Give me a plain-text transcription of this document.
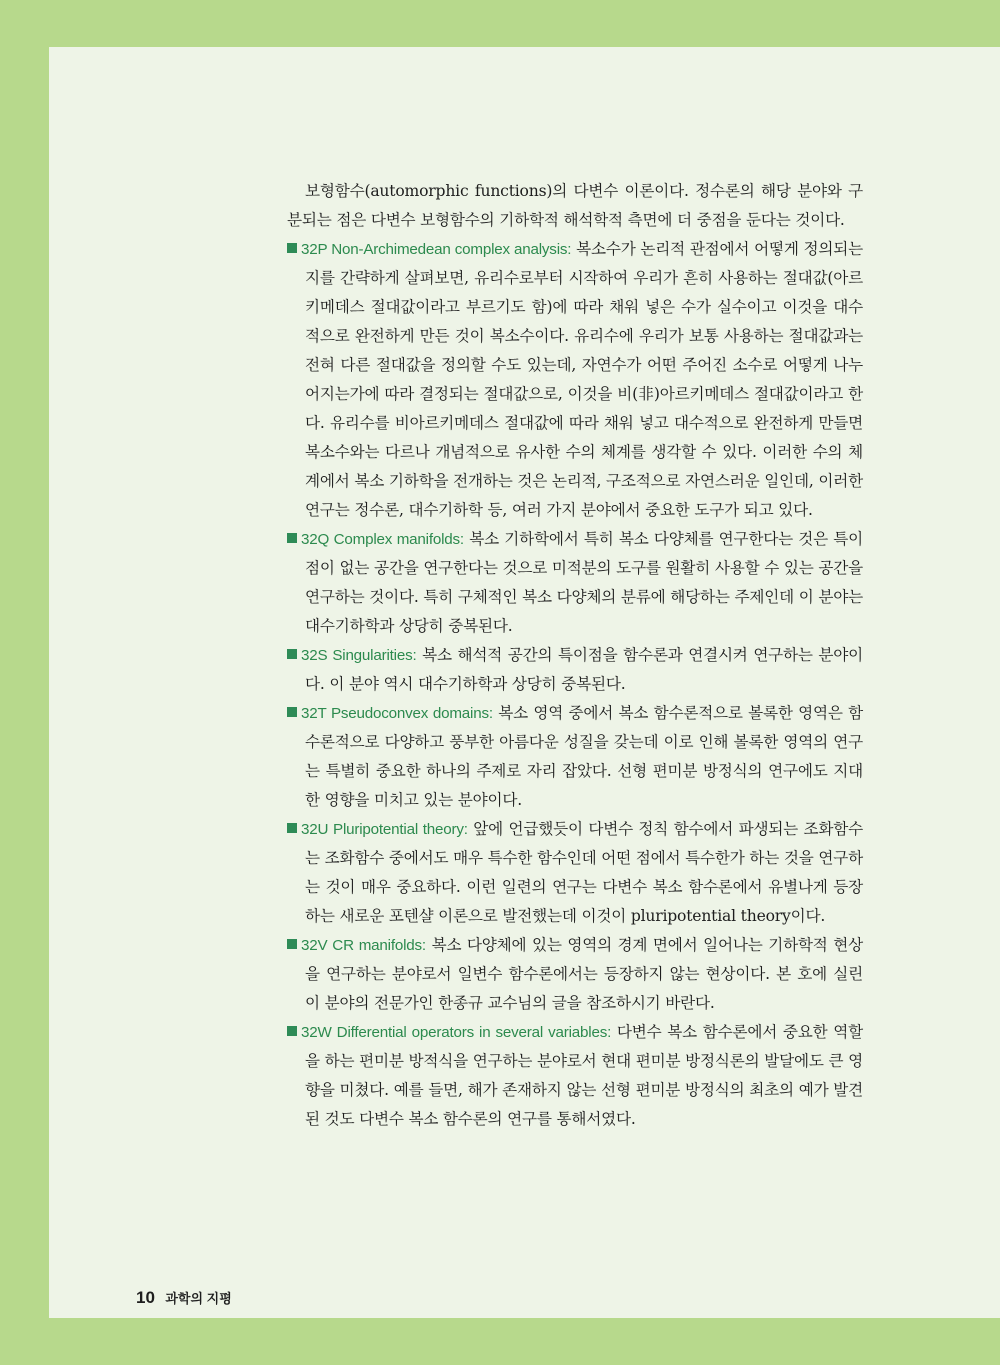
보형함수(automorphic functions)의 다변수 이론이다. 정수론의 해당 분야와 구분되는 점은 다변수 보형함수의 기하학적 해석학적 측면에 더 중점을 둔다는 것이다.

32P Non-Archimedean complex analysis: 복소수가 논리적 관점에서 어떻게 정의되는지를 간략하게 살펴보면, 유리수로부터 시작하여 우리가 흔히 사용하는 절대값(아르키메데스 절대값이라고 부르기도 함)에 따라 채워 넣은 수가 실수이고 이것을 대수적으로 완전하게 만든 것이 복소수이다. 유리수에 우리가 보통 사용하는 절대값과는 전혀 다른 절대값을 정의할 수도 있는데, 자연수가 어떤 주어진 소수로 어떻게 나누어지는가에 따라 결정되는 절대값으로, 이것을 비(非)아르키메데스 절대값이라고 한다. 유리수를 비아르키메데스 절대값에 따라 채워 넣고 대수적으로 완전하게 만들면 복소수와는 다르나 개념적으로 유사한 수의 체계를 생각할 수 있다. 이러한 수의 체계에서 복소 기하학을 전개하는 것은 논리적, 구조적으로 자연스러운 일인데, 이러한 연구는 정수론, 대수기하학 등, 여러 가지 분야에서 중요한 도구가 되고 있다.

32Q Complex manifolds: 복소 기하학에서 특히 복소 다양체를 연구한다는 것은 특이점이 없는 공간을 연구한다는 것으로 미적분의 도구를 원활히 사용할 수 있는 공간을 연구하는 것이다. 특히 구체적인 복소 다양체의 분류에 해당하는 주제인데 이 분야는 대수기하학과 상당히 중복된다.

32S Singularities: 복소 해석적 공간의 특이점을 함수론과 연결시켜 연구하는 분야이다. 이 분야 역시 대수기하학과 상당히 중복된다.

32T Pseudoconvex domains: 복소 영역 중에서 복소 함수론적으로 볼록한 영역은 함수론적으로 다양하고 풍부한 아름다운 성질을 갖는데 이로 인해 볼록한 영역의 연구는 특별히 중요한 하나의 주제로 자리 잡았다. 선형 편미분 방정식의 연구에도 지대한 영향을 미치고 있는 분야이다.

32U Pluripotential theory: 앞에 언급했듯이 다변수 정칙 함수에서 파생되는 조화함수는 조화함수 중에서도 매우 특수한 함수인데 어떤 점에서 특수한가 하는 것을 연구하는 것이 매우 중요하다. 이런 일련의 연구는 다변수 복소 함수론에서 유별나게 등장하는 새로운 포텐샬 이론으로 발전했는데 이것이 pluripotential theory이다.

32V CR manifolds: 복소 다양체에 있는 영역의 경계 면에서 일어나는 기하학적 현상을 연구하는 분야로서 일변수 함수론에서는 등장하지 않는 현상이다. 본 호에 실린 이 분야의 전문가인 한종규 교수님의 글을 참조하시기 바란다.

32W Differential operators in several variables: 다변수 복소 함수론에서 중요한 역할을 하는 편미분 방적식을 연구하는 분야로서 현대 편미분 방정식론의 발달에도 큰 영향을 미쳤다. 예를 들면, 해가 존재하지 않는 선형 편미분 방정식의 최초의 예가 발견된 것도 다변수 복소 함수론의 연구를 통해서였다.

10 과학의 지평
